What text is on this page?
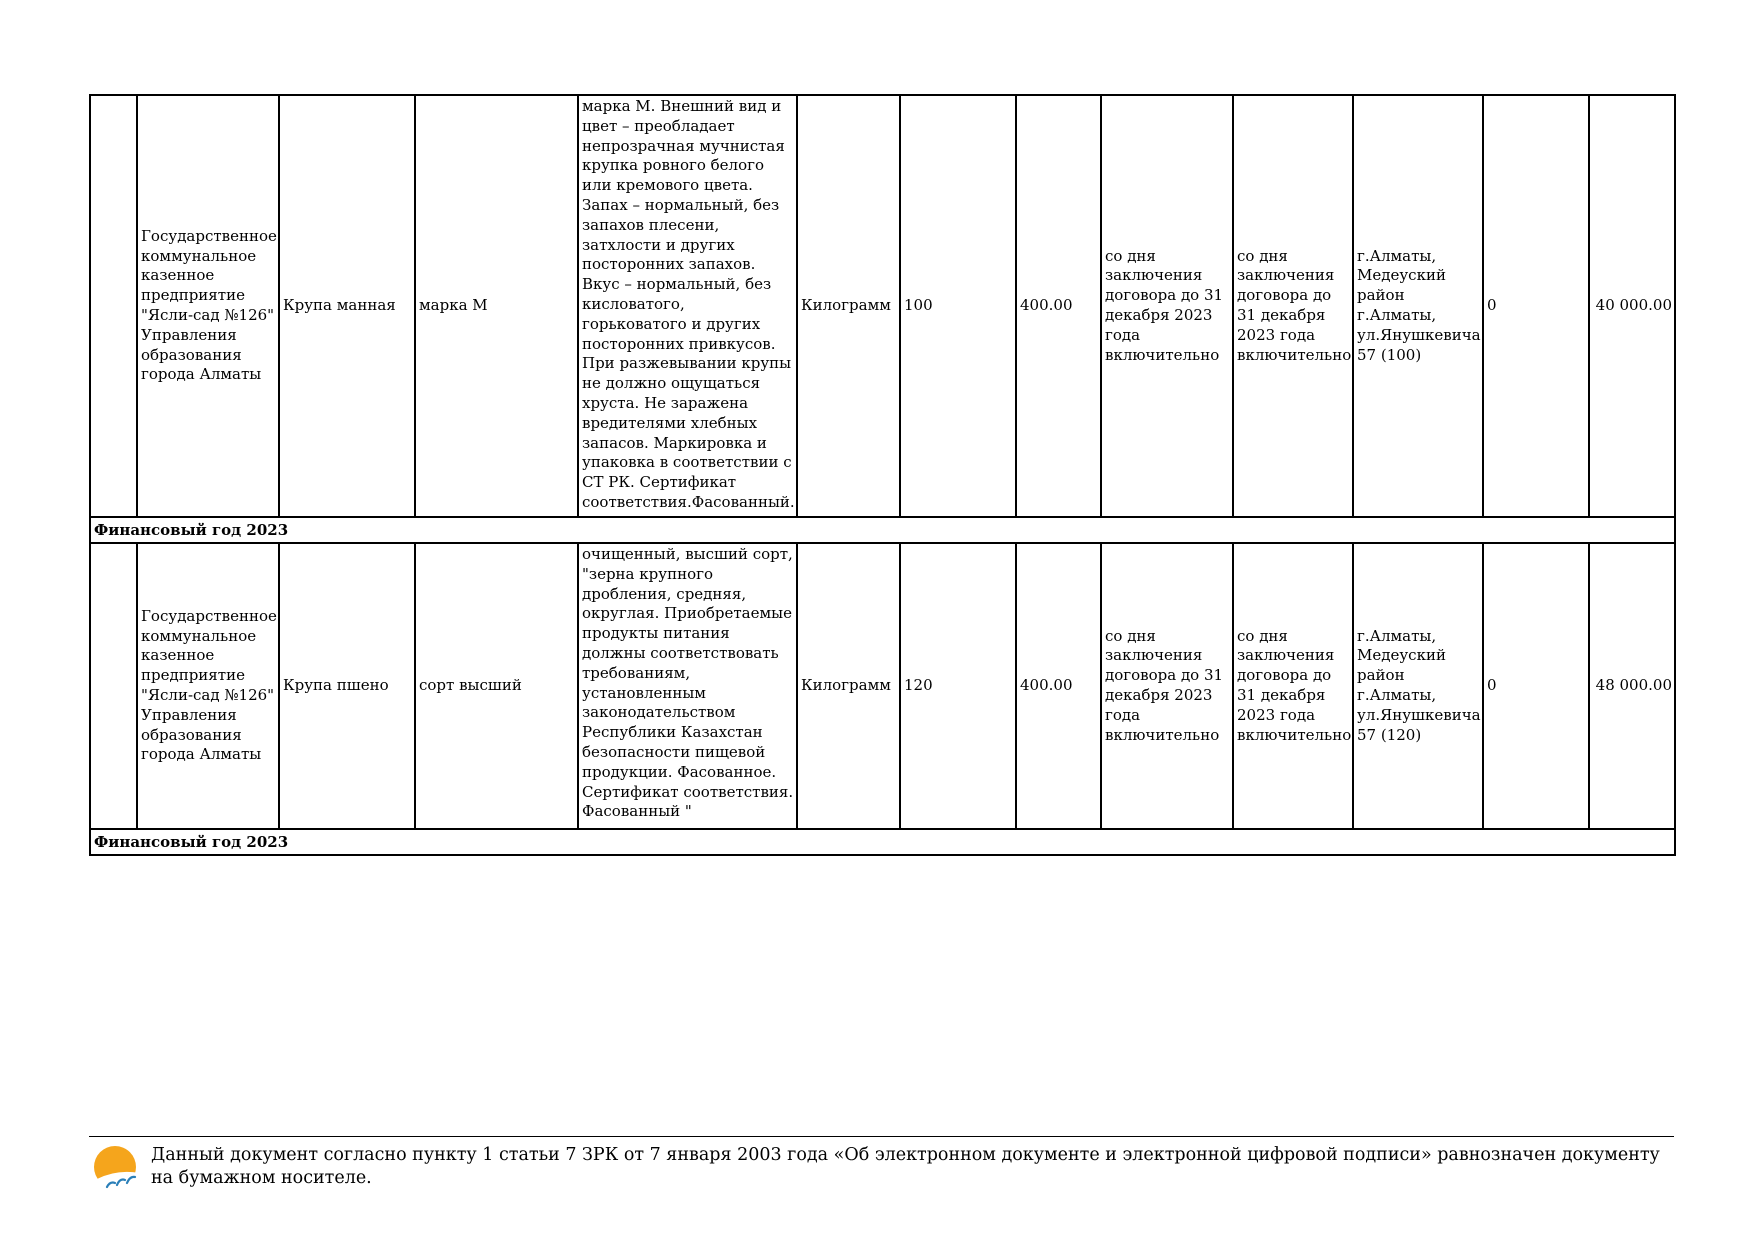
	Государственное коммунальное казенное предприятие "Ясли-сад №126" Управления образования города Алматы	Крупа манная	марка М	марка М. Внешний вид и цвет – преобладает непрозрачная мучнистая крупка ровного белого или кремового цвета. Запах – нормальный, без запахов плесени, затхлости и других посторонних запахов. Вкус – нормальный, без кисловатого, горьковатого и других посторонних привкусов. При разжевывании крупы не должно ощущаться хруста. Не заражена вредителями хлебных запасов. Маркировка и упаковка в соответствии с СТ РК. Сертификат соответствия.Фасованный.	Килограмм	100	400.00	со дня заключения договора до 31 декабря 2023 года включительно	со дня заключения договора до 31 декабря 2023 года включительно	г.Алматы, Медеуский район г.Алматы, ул.Янушкевича 57 (100)	0	40 000.00
Финансовый год 2023												
	Государственное коммунальное казенное предприятие "Ясли-сад №126" Управления образования города Алматы	Крупа пшено	сорт высший	очищенный, высший сорт, "зерна крупного дробления, средняя, округлая. Приобретаемые продукты питания должны соответствовать требованиям, установленным законодательством Республики Казахстан безопасности пищевой продукции. Фасованное. Сертификат соответствия. Фасованный "	Килограмм	120	400.00	со дня заключения договора до 31 декабря 2023 года включительно	со дня заключения договора до 31 декабря 2023 года включительно	г.Алматы, Медеуский район г.Алматы, ул.Янушкевича 57 (120)	0	48 000.00
Финансовый год 2023												
Данный документ согласно пункту 1 статьи 7 ЗРК от 7 января 2003 года «Об электронном документе и электронной цифровой подписи» равнозначен документу на бумажном носителе.
